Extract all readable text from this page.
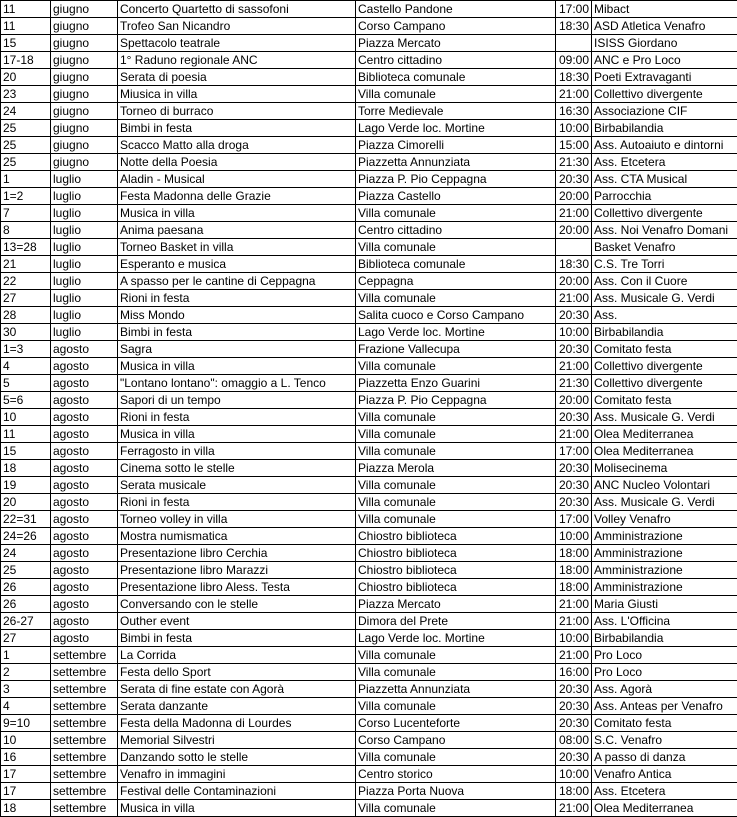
11	giugno	Concerto Quartetto di sassofoni	Castello Pandone	17:00	Mibact
11	giugno	Trofeo San Nicandro	Corso Campano	18:30	ASD Atletica Venafro
15	giugno	Spettacolo teatrale	Piazza Mercato		ISISS Giordano
17-18	giugno	1° Raduno regionale ANC	Centro cittadino	09:00	ANC e Pro Loco
20	giugno	Serata di poesia	Biblioteca comunale	18:30	Poeti Extravaganti
23	giugno	Miusica in villa	Villa comunale	21:00	Collettivo divergente
24	giugno	Torneo di burraco	Torre Medievale	16:30	Associazione CIF
25	giugno	Bimbi in festa	Lago Verde loc. Mortine	10:00	Birbabilandia
25	giugno	Scacco Matto alla droga	Piazza Cimorelli	15:00	Ass. Autoaiuto e dintorni
25	giugno	Notte della Poesia	Piazzetta Annunziata	21:30	Ass. Etcetera
1	luglio	Aladin - Musical	Piazza P. Pio Ceppagna	20:30	Ass. CTA Musical
1=2	luglio	Festa Madonna delle Grazie	Piazza Castello	20:00	Parrocchia
7	luglio	Musica in villa	Villa comunale	21:00	Collettivo divergente
8	luglio	Anima paesana	Centro cittadino	20:00	Ass. Noi Venafro Domani
13=28	luglio	Torneo Basket in villa	Villa comunale		Basket Venafro
21	luglio	Esperanto e musica	Biblioteca comunale	18:30	C.S. Tre Torri
22	luglio	A spasso per le cantine di Ceppagna	Ceppagna	20:00	Ass. Con il Cuore
27	luglio	Rioni in festa	Villa comunale	21:00	Ass. Musicale G. Verdi
28	luglio	Miss Mondo	Salita cuoco e Corso Campano	20:30	Ass.
30	luglio	Bimbi in festa	Lago Verde loc. Mortine	10:00	Birbabilandia
1=3	agosto	Sagra	Frazione Vallecupa	20:30	Comitato festa
4	agosto	Musica in villa	Villa comunale	21:00	Collettivo divergente
5	agosto	"Lontano lontano": omaggio a L. Tenco	Piazzetta Enzo Guarini	21:30	Collettivo divergente
5=6	agosto	Sapori di un tempo	Piazza P. Pio Ceppagna	20:00	Comitato festa
10	agosto	Rioni in festa	Villa comunale	20:30	Ass. Musicale G. Verdi
11	agosto	Musica in villa	Villa comunale	21:00	Olea Mediterranea
15	agosto	Ferragosto in villa	Villa comunale	17:00	Olea Mediterranea
18	agosto	Cinema sotto le stelle	Piazza Merola	20:30	Molisecinema
19	agosto	Serata musicale	Villa comunale	20:30	ANC Nucleo Volontari
20	agosto	Rioni in festa	Villa comunale	20:30	Ass. Musicale G. Verdi
22=31	agosto	Torneo volley in villa	Villa comunale	17:00	Volley Venafro
24=26	agosto	Mostra numismatica	Chiostro biblioteca	10:00	Amministrazione
24	agosto	Presentazione libro Cerchia	Chiostro biblioteca	18:00	Amministrazione
25	agosto	Presentazione libro Marazzi	Chiostro biblioteca	18:00	Amministrazione
26	agosto	Presentazione libro Aless. Testa	Chiostro biblioteca	18:00	Amministrazione
26	agosto	Conversando con le stelle	Piazza Mercato	21:00	Maria Giusti
26-27	agosto	Outher event	Dimora del Prete	21:00	Ass. L'Officina
27	agosto	Bimbi in festa	Lago Verde loc. Mortine	10:00	Birbabilandia
1	settembre	La Corrida	Villa comunale	21:00	Pro Loco
2	settembre	Festa dello Sport	Villa comunale	16:00	Pro Loco
3	settembre	Serata di fine estate con Agorà	Piazzetta Annunziata	20:30	Ass. Agorà
4	settembre	Serata danzante	Villa comunale	20:30	Ass. Anteas per Venafro
9=10	settembre	Festa della Madonna di Lourdes	Corso Lucenteforte	20:30	Comitato festa
10	settembre	Memorial Silvestri	Corso Campano	08:00	S.C. Venafro
16	settembre	Danzando sotto le stelle	Villa comunale	20:30	A passo di danza
17	settembre	Venafro in immagini	Centro storico	10:00	Venafro Antica
17	settembre	Festival delle Contaminazioni	Piazza Porta Nuova	18:00	Ass. Etcetera
18	settembre	Musica in villa	Villa comunale	21:00	Olea Mediterranea
